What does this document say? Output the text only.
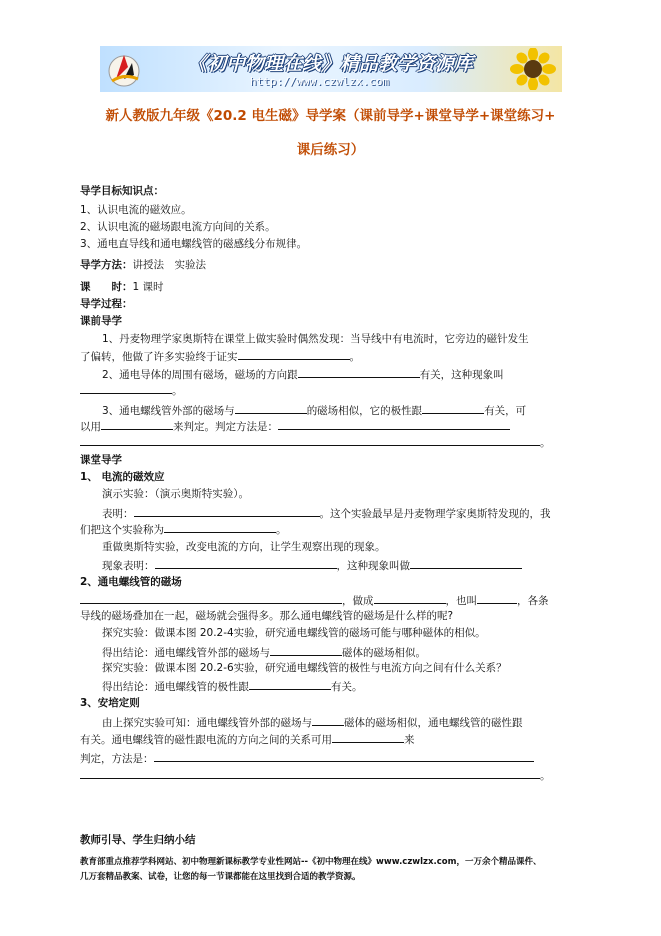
《初中物理在线》精品教学资源库
http://www.czwlzx.com
新人教版九年级《20.2 电生磁》导学案（课前导学+课堂导学+课堂练习+
课后练习）
导学目标知识点：
1、认识电流的磁效应。
2、认识电流的磁场跟电流方向间的关系。
3、通电直导线和通电螺线管的磁感线分布规律。
导学方法：讲授法　实验法
课　　时：1 课时
导学过程：
课前导学
1、丹麦物理学家奥斯特在课堂上做实验时偶然发现：当导线中有电流时，它旁边的磁针发生
了偏转，他做了许多实验终于证实	。
2、通电导体的周围有磁场，磁场的方向跟	有关，这种现象叫
。
3、通电螺线管外部的磁场与	的磁场相似，它的极性跟	有关，可
以用	来判定。判定方法是：
。
课堂导学
1、 电流的磁效应
演示实验：（演示奥斯特实验）。
表明：	。这个实验最早是丹麦物理学家奥斯特发现的，我
们把这个实验称为	。
重做奥斯特实验，改变电流的方向，让学生观察出现的现象。
现象表明：	，这种现象叫做
2、通电螺线管的磁场
，做成	，也叫	，各条
导线的磁场叠加在一起，磁场就会强得多。那么通电螺线管的磁场是什么样的呢?
探究实验：做课本图 20.2-4实验，研究通电螺线管的磁场可能与哪种磁体的相似。
得出结论：通电螺线管外部的磁场与	磁体的磁场相似。
探究实验：做课本图 20.2-6实验，研究通电螺线管的极性与电流方向之间有什么关系？
得出结论：通电螺线管的极性跟	有关。
3、安培定则
由上探究实验可知：通电螺线管外部的磁场与	磁体的磁场相似，通电螺线管的磁性跟
有关。通电螺线管的磁性跟电流的方向之间的关系可用	来
判定，方法是：
。
教师引导、学生归纳小结
教育部重点推荐学科网站、初中物理新课标教学专业性网站--《初中物理在线》www.czwlzx.com，一万余个精品课件、
几万套精品教案、试卷，让您的每一节课都能在这里找到合适的教学资源。
